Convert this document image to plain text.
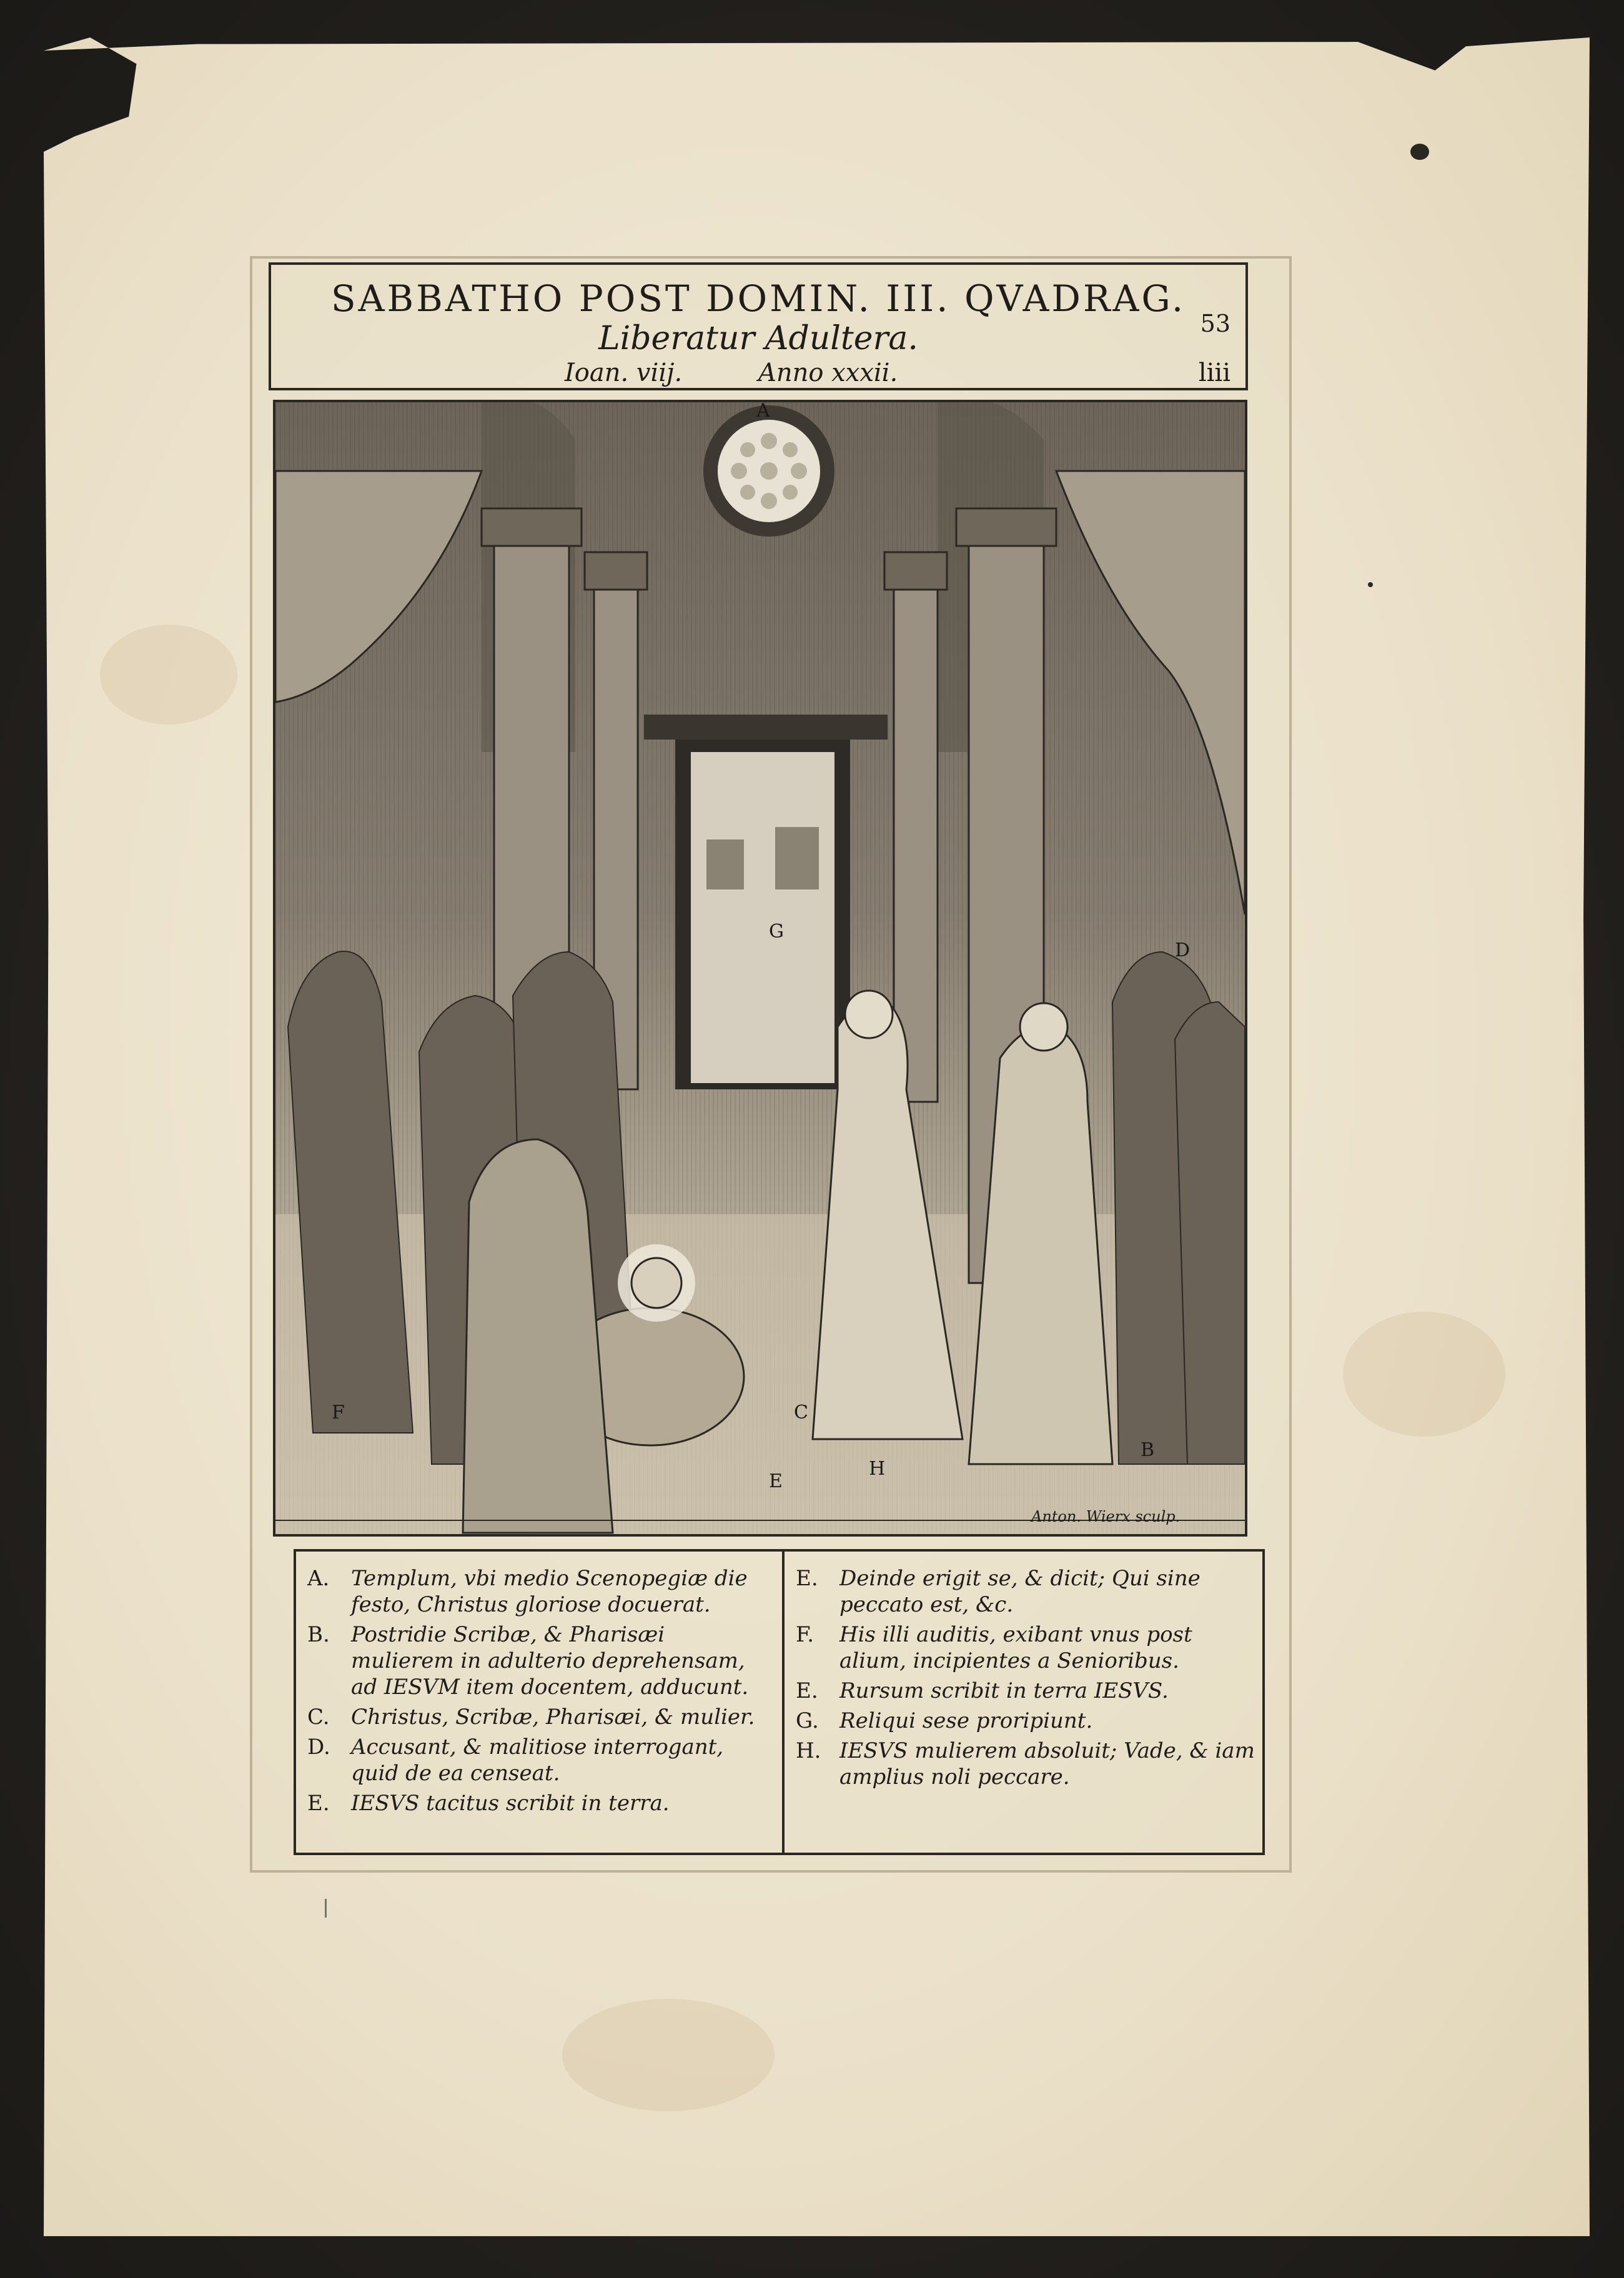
SABBATHO POST DOMIN. III. QVADRAG.
Liberatur Adultera.
Ioan. viij.	Anno xxxii.
53
liii
A
B
C
D
E
F
G
H
Anton. Wierx sculp.
A.	Templum, vbi medio Scenopegiæ die festo, Christus gloriose docuerat.
B.	Postridie Scribæ, & Pharisæi mulierem in adulterio deprehensam, ad IESVM item docentem, adducunt.
C.	Christus, Scribæ, Pharisæi, & mulier.
D. Accusant, & malitiose interrogant, quid de ea censeat.
E.	IESVS tacitus scribit in terra.
E.	Deinde erigit se, & dicit; Qui sine peccato est, &c.
F.	His illi auditis, exibant vnus post alium, incipientes a Senioribus.
E.	Rursum scribit in terra IESVS.
G. Reliqui sese proripiunt.
H. IESVS mulierem absoluit; Vade, & iam amplius noli peccare.
